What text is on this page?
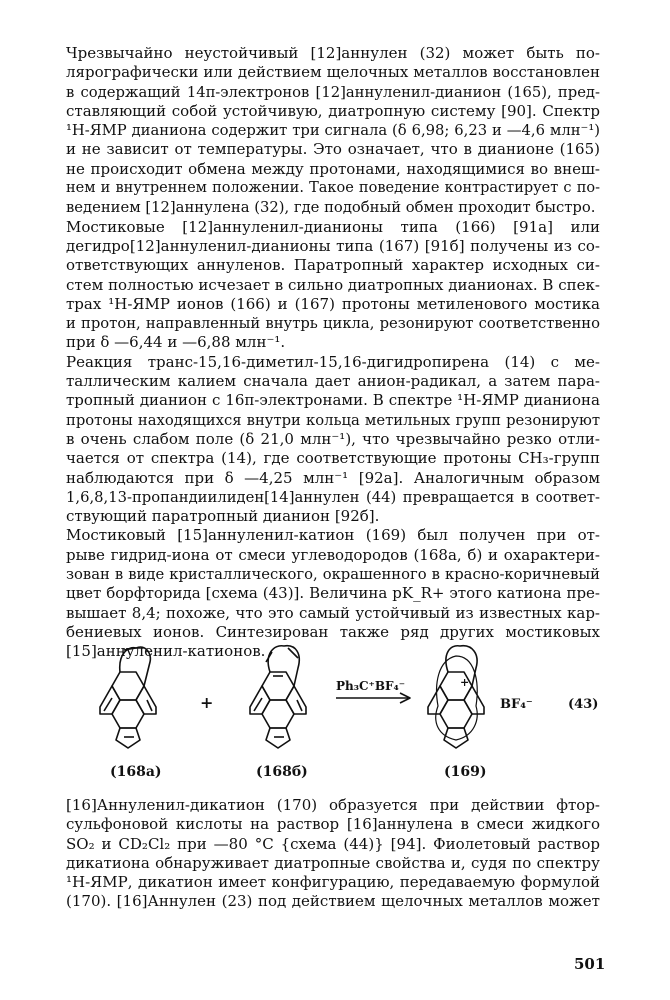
Чрезвычайно неустойчивый [12]аннулен (32) может быть по-
лярографически или действием щелочных металлов восстановлен
в содержащий 14π-электронов [12]аннуленил-дианион (165), пред-
ставляющий собой устойчивую, диатропную систему [90]. Спектр
¹Н-ЯМР дианиона содержит три сигнала (δ 6,98; 6,23 и —4,6 млн⁻¹)
и не зависит от температуры. Это означает, что в дианионе (165)
не происходит обмена между протонами, находящимися во внеш-
нем и внутреннем положении. Такое поведение контрастирует с по-
ведением [12]аннулена (32), где подобный обмен проходит быстро.
Мостиковые [12]аннуленил-дианионы типа (166) [91а] или
дегидро[12]аннуленил-дианионы типа (167) [91б] получены из со-
ответствующих аннуленов. Паратропный характер исходных си-
стем полностью исчезает в сильно диатропных дианионах. В спек-
трах ¹Н-ЯМР ионов (166) и (167) протоны метиленового мостика
и протон, направленный внутрь цикла, резонируют соответственно
при δ —6,44 и —6,88 млн⁻¹.
Реакция транс-15,16-диметил-15,16-дигидропирена (14) с ме-
таллическим калием сначала дает анион-радикал, а затем пара-
тропный дианион с 16π-электронами. В спектре ¹Н-ЯМР дианиона
протоны находящихся внутри кольца метильных групп резонируют
в очень слабом поле (δ 21,0 млн⁻¹), что чрезвычайно резко отли-
чается от спектра (14), где соответствующие протоны СН₃-групп
наблюдаются при δ —4,25 млн⁻¹ [92а]. Аналогичным образом
1,6,8,13-пропандиилиден[14]аннулен (44) превращается в соответ-
ствующий паратропный дианион [92б].
Мостиковый [15]аннуленил-катион (169) был получен при от-
рыве гидрид-иона от смеси углеводородов (168а, б) и охарактери-
зован в виде кристаллического, окрашенного в красно-коричневый
цвет борфторида [схема (43)]. Величина pK_R+ этого катиона пре-
вышает 8,4; похоже, что это самый устойчивый из известных кар-
бениевых ионов. Синтезирован также ряд других мостиковых
[15]аннуленил-катионов.
+
Ph₃C⁺BF₄⁻	+
BF₄⁻	(43)
(168а)	(168б)	(169)
[16]Аннуленил-дикатион (170) образуется при действии фтор-
сульфоновой кислоты на раствор [16]аннулена в смеси жидкого
SO₂ и CD₂Cl₂ при —80 °С {схема (44)} [94]. Фиолетовый раствор
дикатиона обнаруживает диатропные свойства и, судя по спектру
¹Н-ЯМР, дикатион имеет конфигурацию, передаваемую формулой
(170). [16]Аннулен (23) под действием щелочных металлов может
501
